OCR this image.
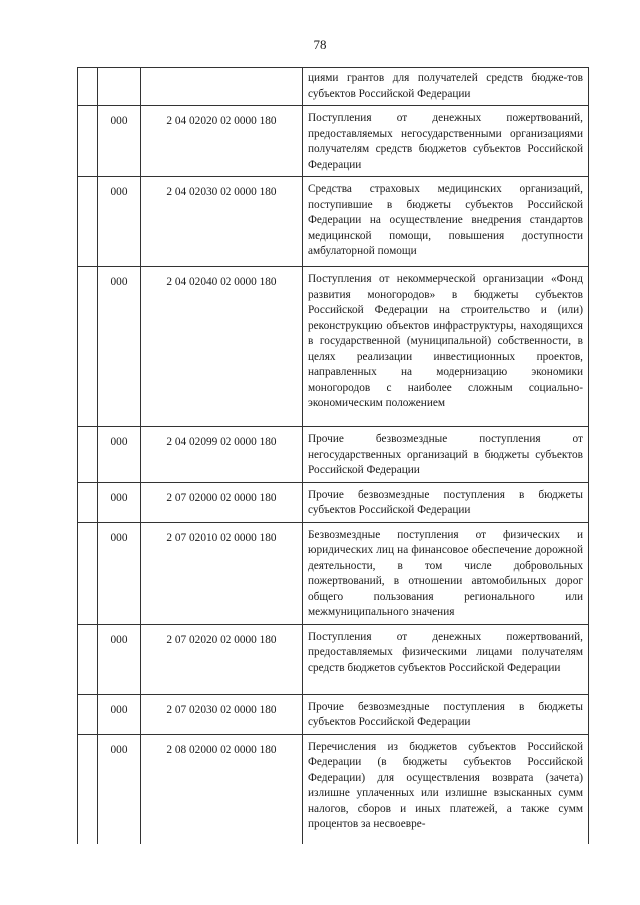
78
			циями грантов для получателей средств бюдже-тов субъектов Российской Федерации
	000	2 04 02020 02 0000 180	Поступления от денежных пожертвований, предоставляемых негосударственными организациями получателям средств бюджетов субъектов Российской Федерации
	000	2 04 02030 02 0000 180	Средства страховых медицинских организаций, поступившие в бюджеты субъектов Российской Федерации на осуществление внедрения стандартов медицинской помощи, повышения доступности амбулаторной помощи
	000	2 04 02040 02 0000 180	Поступления от некоммерческой организации «Фонд развития моногородов» в бюджеты субъектов Российской Федерации на строительство и (или) реконструкцию объектов инфраструктуры, находящихся в государственной (муниципальной) собственности, в целях реализации инвестиционных проектов, направленных на модернизацию экономики моногородов с наиболее сложным социально-экономическим положением
	000	2 04 02099 02 0000 180	Прочие безвозмездные поступления от негосударственных организаций в бюджеты субъектов Российской Федерации
	000	2 07 02000 02 0000 180	Прочие безвозмездные поступления в бюджеты субъектов Российской Федерации
	000	2 07 02010 02 0000 180	Безвозмездные поступления от физических и юридических лиц на финансовое обеспечение дорожной деятельности, в том числе добровольных пожертвований, в отношении автомобильных дорог общего пользования регионального или межмуниципального значения
	000	2 07 02020 02 0000 180	Поступления от денежных пожертвований, предоставляемых физическими лицами получателям средств бюджетов субъектов Российской Федерации
	000	2 07 02030 02 0000 180	Прочие безвозмездные поступления в бюджеты субъектов Российской Федерации
	000	2 08 02000 02 0000 180	Перечисления из бюджетов субъектов Российской Федерации (в бюджеты субъектов Российской Федерации) для осуществления возврата (зачета) излишне уплаченных или излишне взысканных сумм налогов, сборов и иных платежей, а также сумм процентов за несвоевре-
